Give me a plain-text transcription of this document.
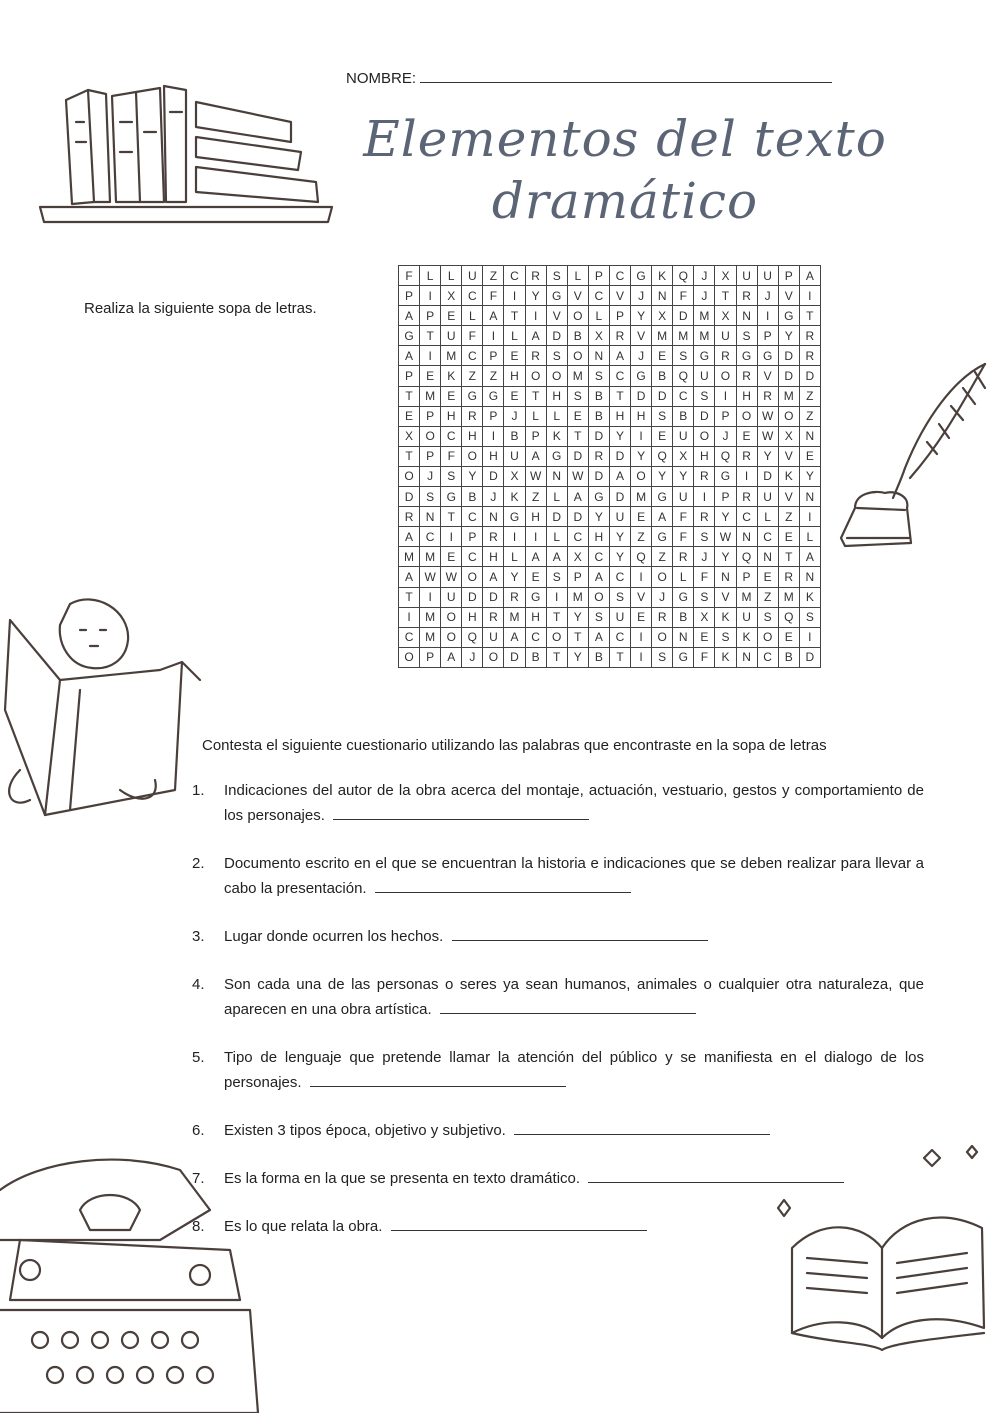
NOMBRE:
Elementos del texto
dramático
Realiza la siguiente sopa de letras.
F	L	L	U	Z	C	R	S	L	P	C	G	K	Q	J	X	U	U	P	A
P	I	X	C	F	I	Y	G	V	C	V	J	N	F	J	T	R	J	V	I
A	P	E	L	A	T	I	V	O	L	P	Y	X	D	M	X	N	I	G	T
G	T	U	F	I	L	A	D	B	X	R	V	M	M	M	U	S	P	Y	R
A	I	M	C	P	E	R	S	O	N	A	J	E	S	G	R	G	G	D	R
P	E	K	Z	Z	H	O	O	M	S	C	G	B	Q	U	O	R	V	D	D
T	M	E	G	G	E	T	H	S	B	T	D	D	C	S	I	H	R	M	Z
E	P	H	R	P	J	L	L	E	B	H	H	S	B	D	P	O	W	O	Z
X	O	C	H	I	B	P	K	T	D	Y	I	E	U	O	J	E	W	X	N
T	P	F	O	H	U	A	G	D	R	D	Y	Q	X	H	Q	R	Y	V	E
O	J	S	Y	D	X	W	N	W	D	A	O	Y	Y	R	G	I	D	K	Y
D	S	G	B	J	K	Z	L	A	G	D	M	G	U	I	P	R	U	V	N
R	N	T	C	N	G	H	D	D	Y	U	E	A	F	R	Y	C	L	Z	I
A	C	I	P	R	I	I	L	C	H	Y	Z	G	F	S	W	N	C	E	L
M	M	E	C	H	L	A	A	X	C	Y	Q	Z	R	J	Y	Q	N	T	A
A	W	W	O	A	Y	E	S	P	A	C	I	O	L	F	N	P	E	R	N
T	I	U	D	D	R	G	I	M	O	S	V	J	G	S	V	M	Z	M	K
I	M	O	H	R	M	H	T	Y	S	U	E	R	B	X	K	U	S	Q	S
C	M	O	Q	U	A	C	O	T	A	C	I	O	N	E	S	K	O	E	I
O	P	A	J	O	D	B	T	Y	B	T	I	S	G	F	K	N	C	B	D
Contesta el siguiente cuestionario utilizando las palabras que encontraste en la sopa de letras
1. Indicaciones del autor de la obra acerca del montaje, actuación, vestuario, gestos y comportamiento de los personajes.
2. Documento escrito en el que se encuentran la historia e indicaciones que se deben realizar para llevar a cabo la presentación.
3. Lugar donde ocurren los hechos.
4. Son cada una de las personas o seres ya sean humanos, animales o cualquier otra naturaleza, que aparecen en una obra artística.
5. Tipo de lenguaje que pretende llamar la atención del público y se manifiesta en el dialogo de los personajes.
6. Existen 3 tipos época, objetivo y subjetivo.
7. Es la forma en la que se presenta en texto dramático.
8. Es lo que relata la obra.
